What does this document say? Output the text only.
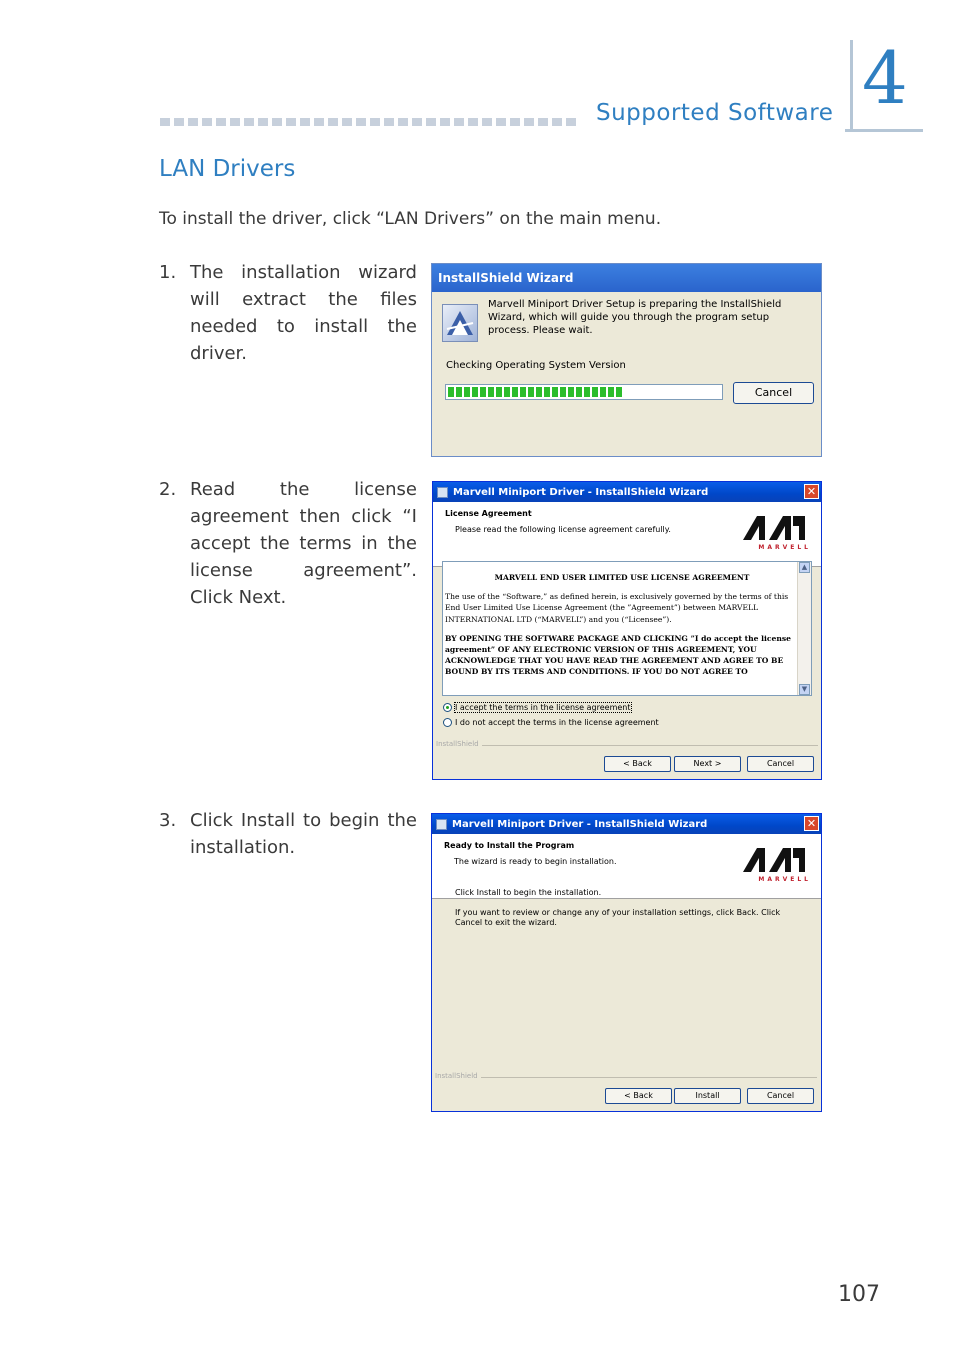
Supported Software 4
LAN Drivers
To install the driver, click “LAN Drivers” on the main menu.
1. The installation wizard will extract the files needed to install the driver.
2. Read the license agreement then click “I accept the terms in the license agreement”. Click Next.
3. Click Install to begin the installation.
InstallShield Wizard
Marvell Miniport Driver Setup is preparing the InstallShield Wizard, which will guide you through the program setup process. Please wait.
Checking Operating System Version
Cancel
Marvell Miniport Driver - InstallShield Wizard	✕
License Agreement
Please read the following license agreement carefully.
MARVELL
MARVELL END USER LIMITED USE LICENSE AGREEMENT
The use of the “Software,” as defined herein, is exclusively governed by the terms of this End User Limited Use License Agreement (the ”Agreement”) between MARVELL INTERNATIONAL LTD (“MARVELL”) and you (“Licensee”).
BY OPENING THE SOFTWARE PACKAGE AND CLICKING ”I do accept the license agreement” OF ANY ELECTRONIC VERSION OF THIS AGREEMENT, YOU ACKNOWLEDGE THAT YOU HAVE READ THE AGREEMENT AND AGREE TO BE BOUND BY ITS TERMS AND CONDITIONS. IF YOU DO NOT AGREE TO
▲
▼
I accept the terms in the license agreement
I do not accept the terms in the license agreement
InstallShield
< Back	Next >	Cancel
Marvell Miniport Driver - InstallShield Wizard	✕
Ready to Install the Program
The wizard is ready to begin installation.
MARVELL
Click Install to begin the installation.
If you want to review or change any of your installation settings, click Back. Click Cancel to exit the wizard.
InstallShield
< Back	Install	Cancel
107
